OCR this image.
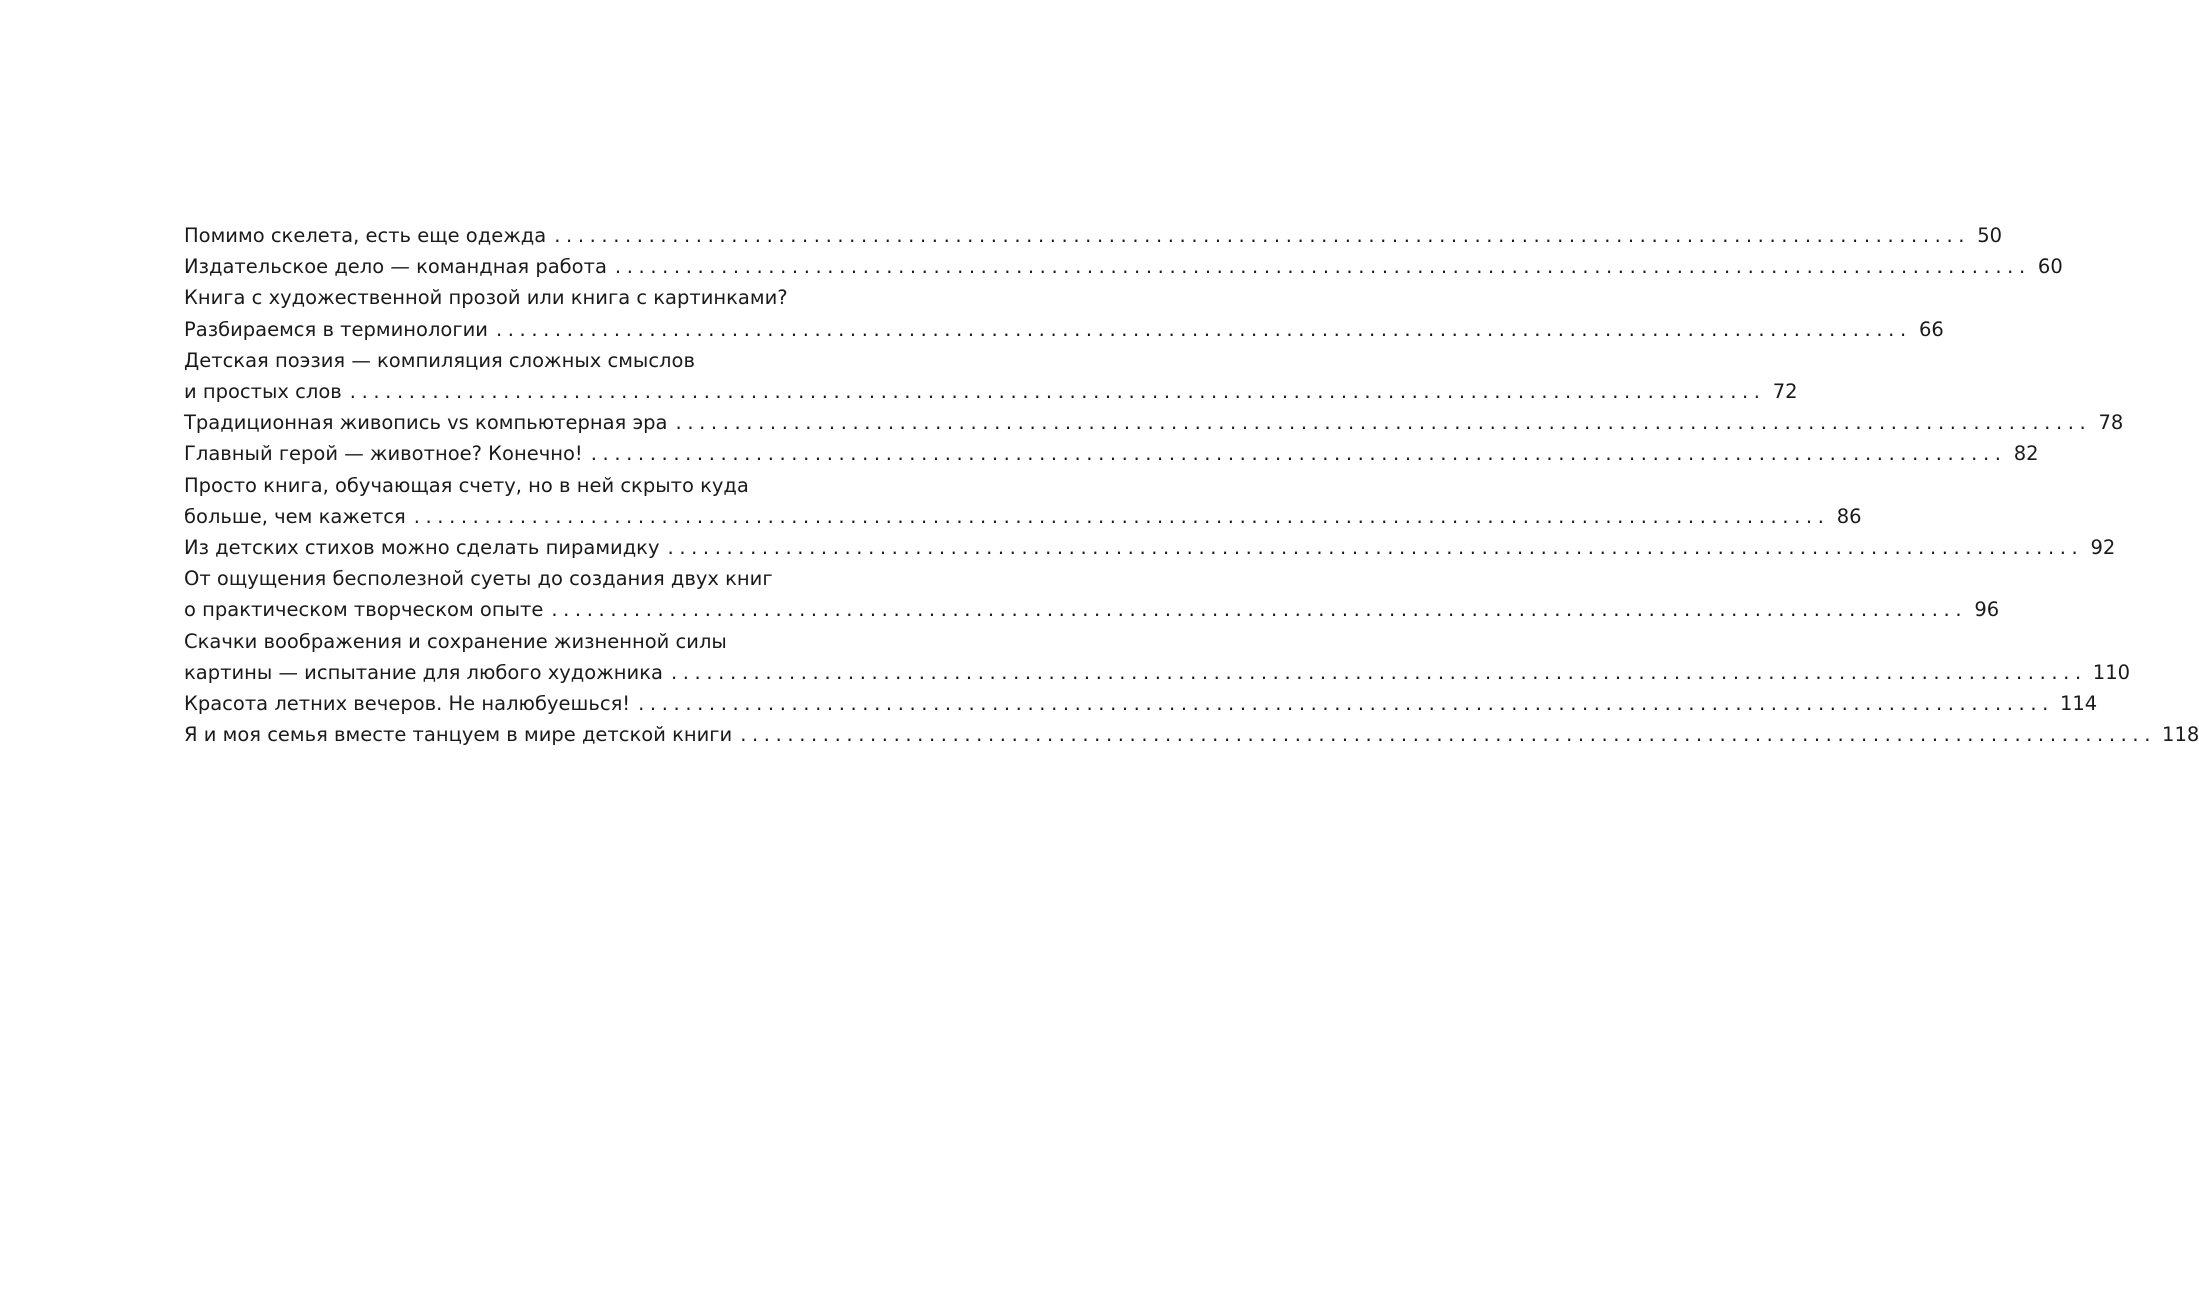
Помимо скелета, есть еще одежда ........................................................................................................................ 50
Издательское дело — командная работа ........................................................................................................................ 60
Книга с художественной прозой или книга с картинками?
Разбираемся в терминологии ........................................................................................................................ 66
Детская поэзия — компиляция сложных смыслов
и простых слов ........................................................................................................................ 72
Традиционная живопись vs компьютерная эра ........................................................................................................................ 78
Главный герой — животное? Конечно! ........................................................................................................................ 82
Просто книга, обучающая счету, но в ней скрыто куда
больше, чем кажется ........................................................................................................................ 86
Из детских стихов можно сделать пирамидку ........................................................................................................................ 92
От ощущения бесполезной суеты до создания двух книг
о практическом творческом опыте ........................................................................................................................ 96
Скачки воображения и сохранение жизненной силы
картины — испытание для любого художника ........................................................................................................................ 110
Красота летних вечеров. Не налюбуешься! ........................................................................................................................ 114
Я и моя семья вместе танцуем в мире детской книги ........................................................................................................................ 118
